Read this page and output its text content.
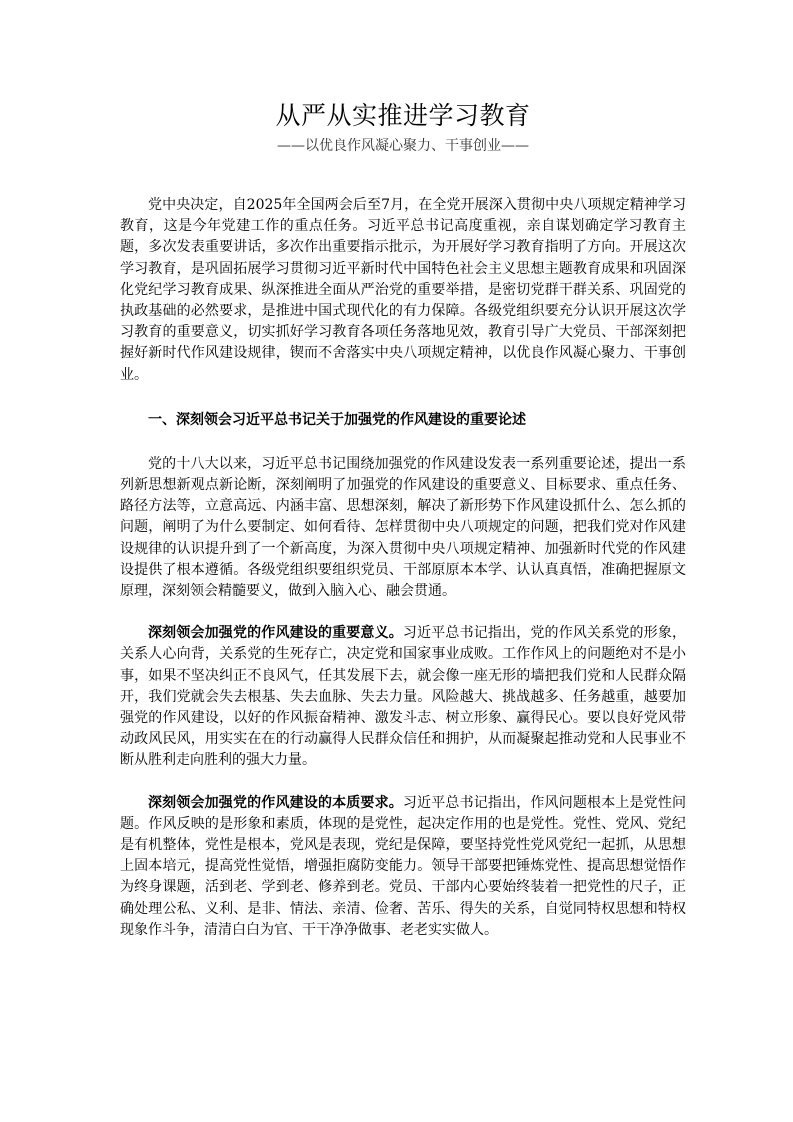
从严从实推进学习教育

——以优良作风凝心聚力、干事创业——

党中央决定，自2025年全国两会后至7月，在全党开展深入贯彻中央八项规定精神学习教育，这是今年党建工作的重点任务。习近平总书记高度重视，亲自谋划确定学习教育主题，多次发表重要讲话，多次作出重要指示批示，为开展好学习教育指明了方向。开展这次学习教育，是巩固拓展学习贯彻习近平新时代中国特色社会主义思想主题教育成果和巩固深化党纪学习教育成果、纵深推进全面从严治党的重要举措，是密切党群干群关系、巩固党的执政基础的必然要求，是推进中国式现代化的有力保障。各级党组织要充分认识开展这次学习教育的重要意义，切实抓好学习教育各项任务落地见效，教育引导广大党员、干部深刻把握好新时代作风建设规律，锲而不舍落实中央八项规定精神，以优良作风凝心聚力、干事创业。

一、深刻领会习近平总书记关于加强党的作风建设的重要论述

党的十八大以来，习近平总书记围绕加强党的作风建设发表一系列重要论述，提出一系列新思想新观点新论断，深刻阐明了加强党的作风建设的重要意义、目标要求、重点任务、路径方法等，立意高远、内涵丰富、思想深刻，解决了新形势下作风建设抓什么、怎么抓的问题，阐明了为什么要制定、如何看待、怎样贯彻中央八项规定的问题，把我们党对作风建设规律的认识提升到了一个新高度，为深入贯彻中央八项规定精神、加强新时代党的作风建设提供了根本遵循。各级党组织要组织党员、干部原原本本学、认认真真悟，准确把握原文原理，深刻领会精髓要义，做到入脑入心、融会贯通。

深刻领会加强党的作风建设的重要意义。习近平总书记指出，党的作风关系党的形象，关系人心向背，关系党的生死存亡，决定党和国家事业成败。工作作风上的问题绝对不是小事，如果不坚决纠正不良风气，任其发展下去，就会像一座无形的墙把我们党和人民群众隔开，我们党就会失去根基、失去血脉、失去力量。风险越大、挑战越多、任务越重，越要加强党的作风建设，以好的作风振奋精神、激发斗志、树立形象、赢得民心。要以良好党风带动政风民风，用实实在在的行动赢得人民群众信任和拥护，从而凝聚起推动党和人民事业不断从胜利走向胜利的强大力量。

深刻领会加强党的作风建设的本质要求。习近平总书记指出，作风问题根本上是党性问题。作风反映的是形象和素质，体现的是党性，起决定作用的也是党性。党性、党风、党纪是有机整体，党性是根本，党风是表现，党纪是保障，要坚持党性党风党纪一起抓，从思想上固本培元，提高党性觉悟，增强拒腐防变能力。领导干部要把锤炼党性、提高思想觉悟作为终身课题，活到老、学到老、修养到老。党员、干部内心要始终装着一把党性的尺子，正确处理公私、义利、是非、情法、亲清、俭奢、苦乐、得失的关系，自觉同特权思想和特权现象作斗争，清清白白为官、干干净净做事、老老实实做人。
